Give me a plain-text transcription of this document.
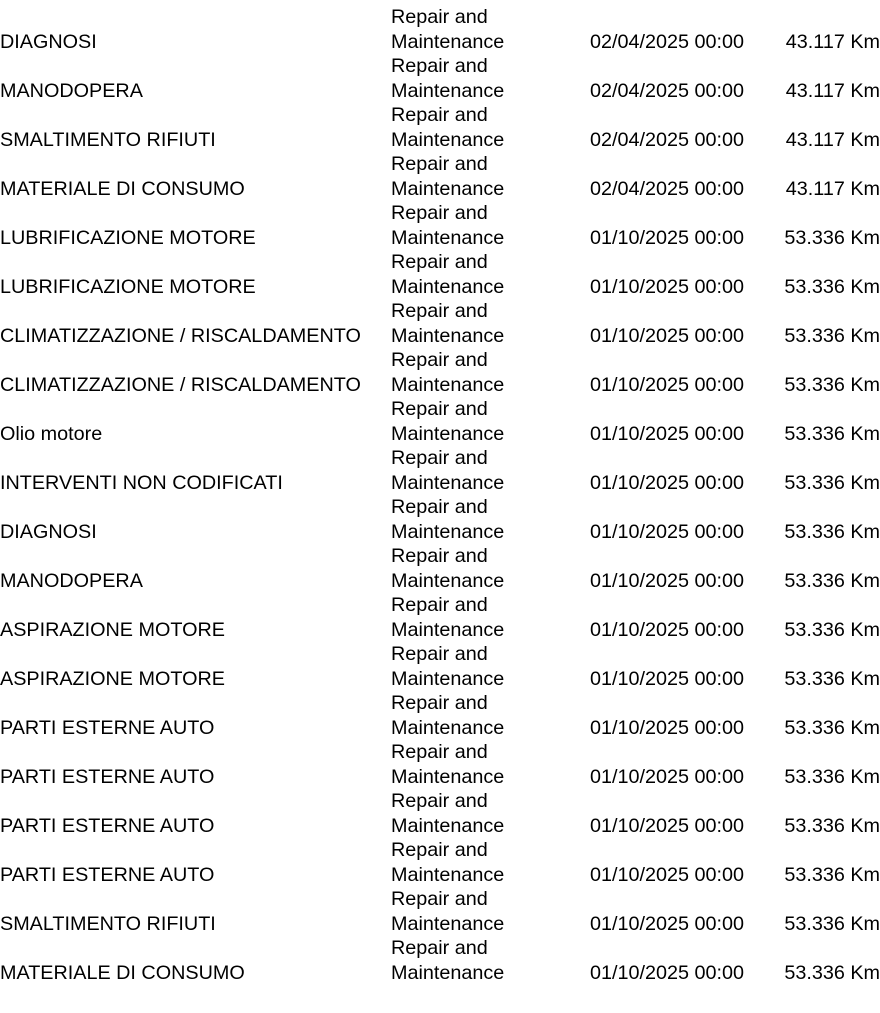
DIAGNOSI	Repair and Maintenance	02/04/2025 00:00	43.117 Km
MANODOPERA	Repair and Maintenance	02/04/2025 00:00	43.117 Km
SMALTIMENTO RIFIUTI	Repair and Maintenance	02/04/2025 00:00	43.117 Km
MATERIALE DI CONSUMO	Repair and Maintenance	02/04/2025 00:00	43.117 Km
LUBRIFICAZIONE MOTORE	Repair and Maintenance	01/10/2025 00:00	53.336 Km
LUBRIFICAZIONE MOTORE	Repair and Maintenance	01/10/2025 00:00	53.336 Km
CLIMATIZZAZIONE / RISCALDAMENTO	Repair and Maintenance	01/10/2025 00:00	53.336 Km
CLIMATIZZAZIONE / RISCALDAMENTO	Repair and Maintenance	01/10/2025 00:00	53.336 Km
Olio motore	Repair and Maintenance	01/10/2025 00:00	53.336 Km
INTERVENTI NON CODIFICATI	Repair and Maintenance	01/10/2025 00:00	53.336 Km
DIAGNOSI	Repair and Maintenance	01/10/2025 00:00	53.336 Km
MANODOPERA	Repair and Maintenance	01/10/2025 00:00	53.336 Km
ASPIRAZIONE MOTORE	Repair and Maintenance	01/10/2025 00:00	53.336 Km
ASPIRAZIONE MOTORE	Repair and Maintenance	01/10/2025 00:00	53.336 Km
PARTI ESTERNE AUTO	Repair and Maintenance	01/10/2025 00:00	53.336 Km
PARTI ESTERNE AUTO	Repair and Maintenance	01/10/2025 00:00	53.336 Km
PARTI ESTERNE AUTO	Repair and Maintenance	01/10/2025 00:00	53.336 Km
PARTI ESTERNE AUTO	Repair and Maintenance	01/10/2025 00:00	53.336 Km
SMALTIMENTO RIFIUTI	Repair and Maintenance	01/10/2025 00:00	53.336 Km
MATERIALE DI CONSUMO	Repair and Maintenance	01/10/2025 00:00	53.336 Km
